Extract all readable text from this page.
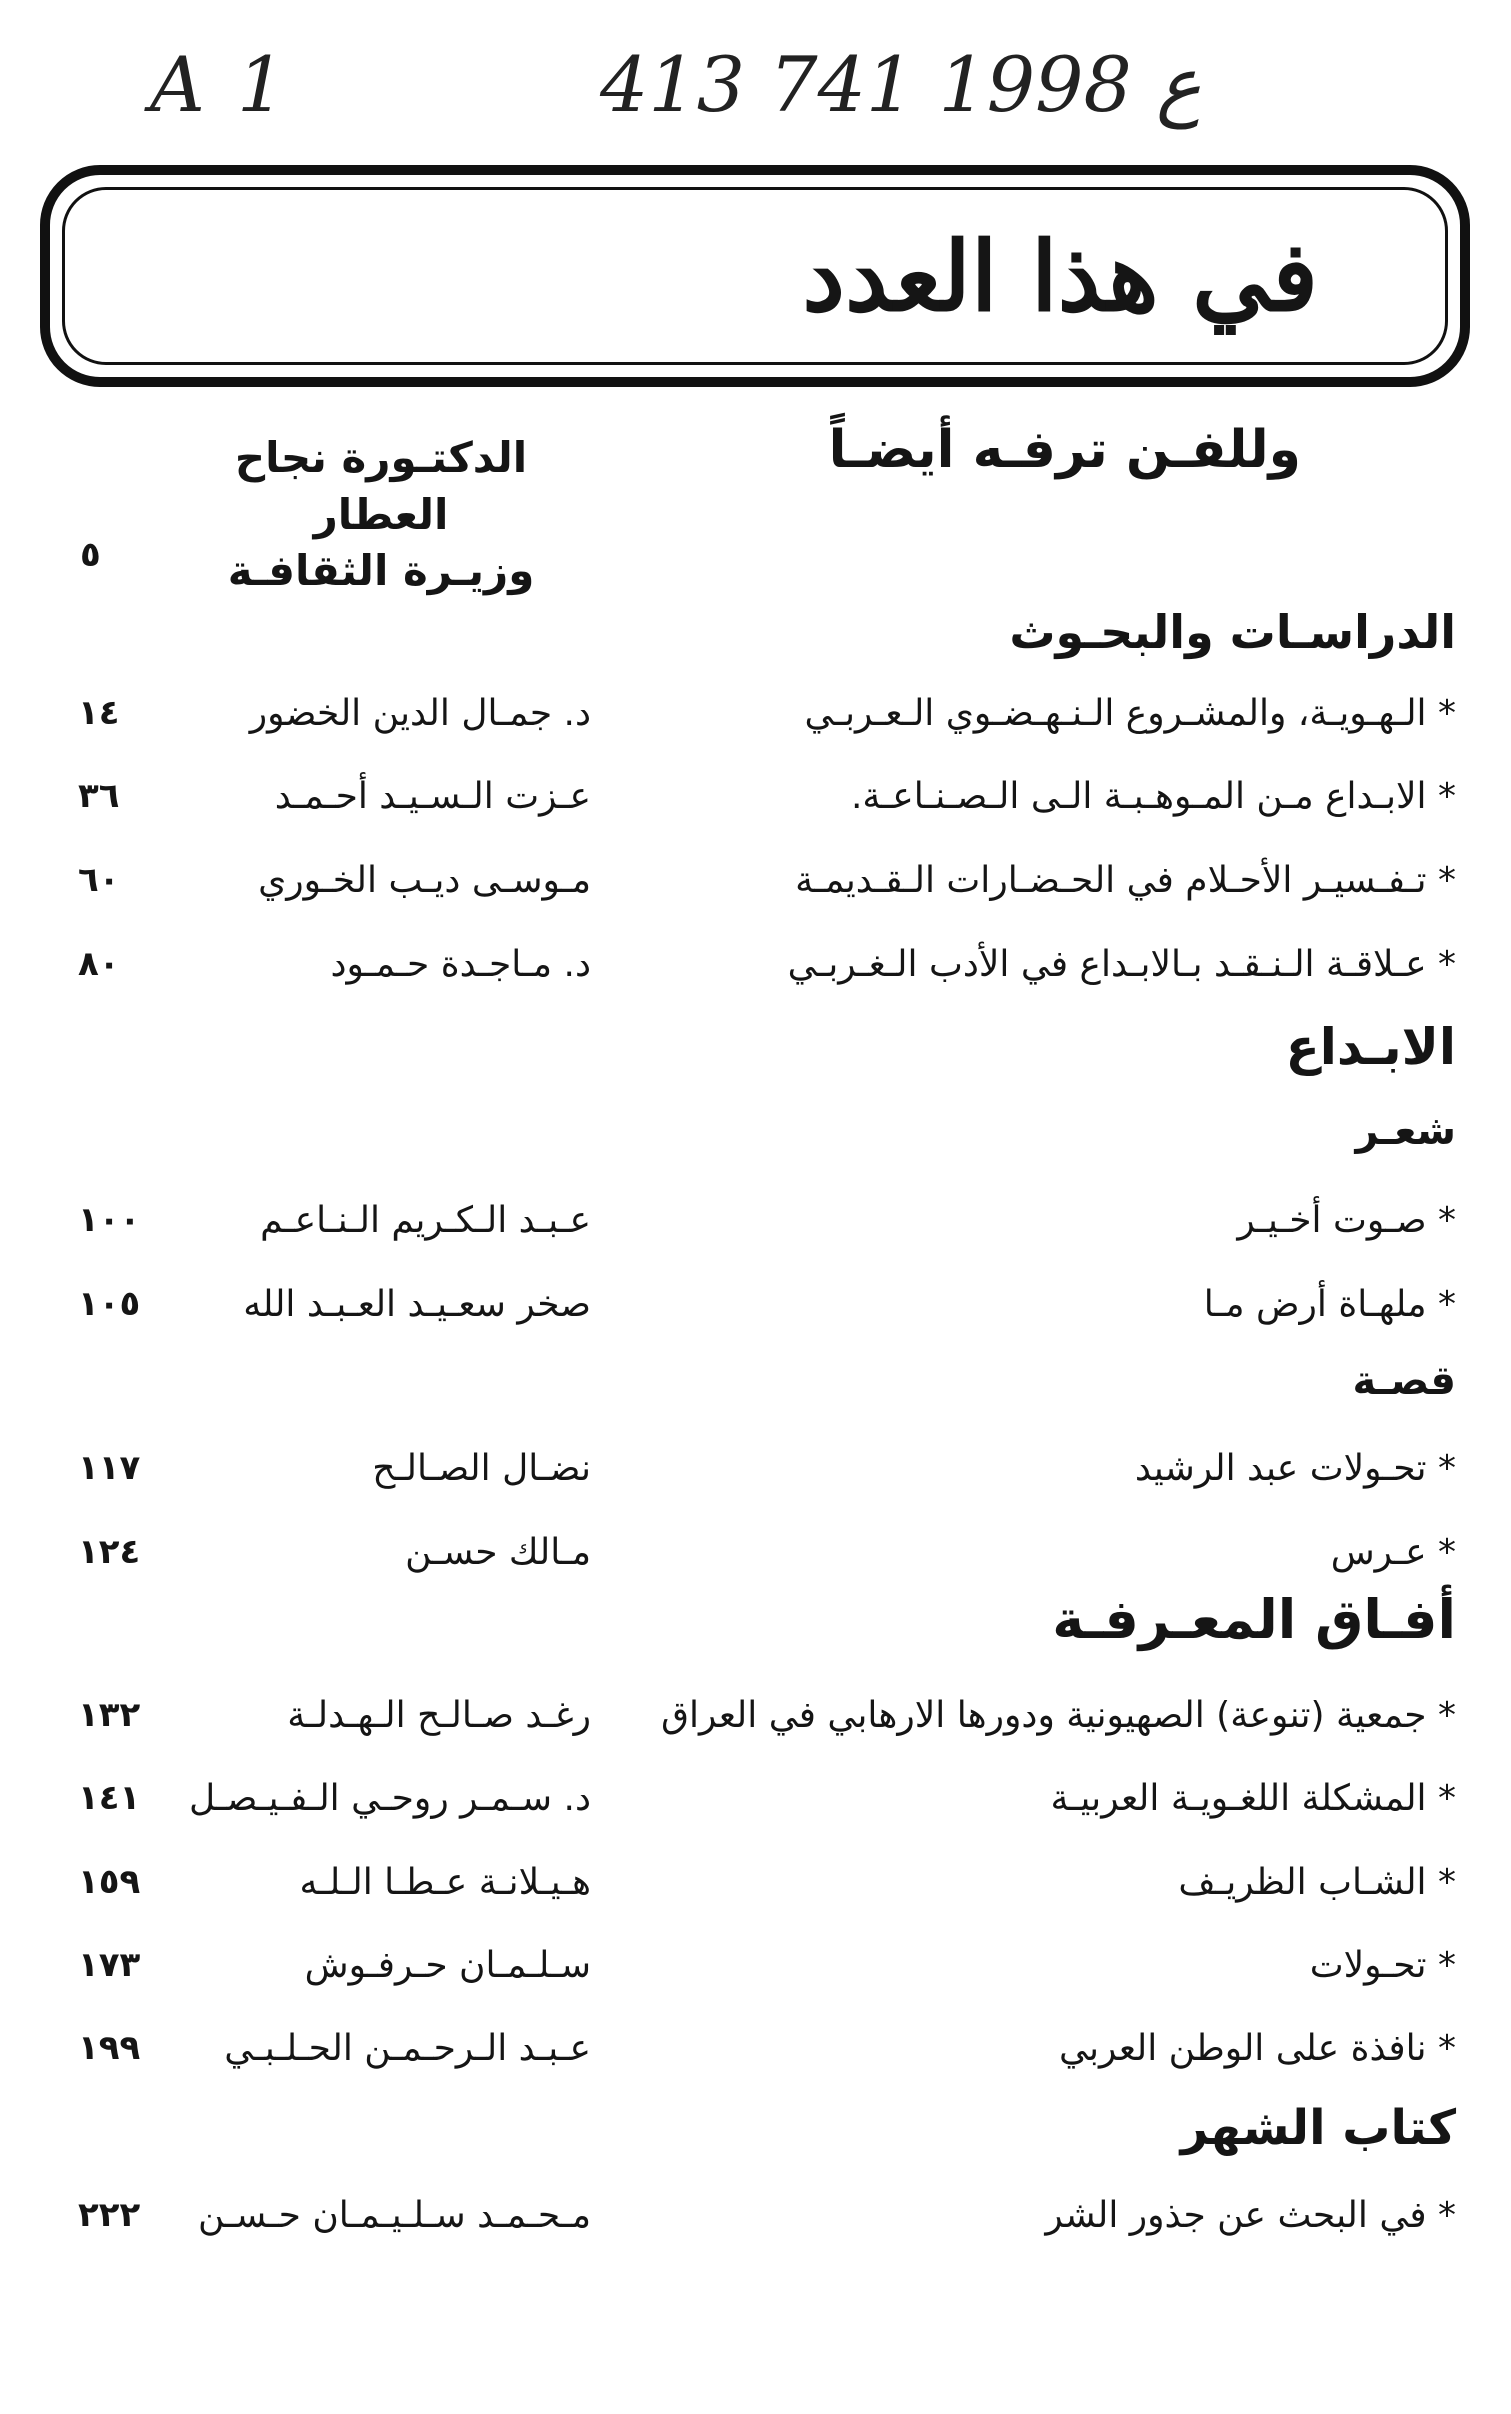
A 1	413 ع 1998 741
في هذا العدد
وللفـن ترفـه أيضـاً
الدكتـورة نجاح العطار
وزيـرة الثقافـة
٥
الدراسـات والبحـوث
* الـهـويـة، والمشـروع الـنـهـضـوي الـعـربـي
د. جمـال الدين الخضور
١٤
* الابـداع مـن المـوهـبـة الـى الـصـنـاعـة.
عـزت الـسـيـد أحـمـد
٣٦
* تـفـسيـر الأحـلام في الحـضـارات الـقـديمـة
مـوسـى ديـب الخـوري
٦٠
* عـلاقـة الـنـقـد بـالابـداع في الأدب الـغـربـي
د. مـاجـدة حـمـود
٨٠
الابـداع
شعـر
* صـوت أخـيـر
عـبـد الـكـريم الـنـاعـم
١٠٠
* ملهـاة أرض مـا
صخر سعـيـد العـبـد الله
١٠٥
قصـة
* تحـولات عبد الرشيد
نضـال الصـالـح
١١٧
* عـرس
مـالك حسـن
١٢٤
أفـاق المعـرفـة
* جمعية (تنوعة) الصهيونية ودورها الارهابي في العراق
رغـد صـالـح الـهـدلـة
١٣٢
* المشكلة اللغـويـة العربيـة
د. سـمـر روحـي الـفـيـصـل
١٤١
* الشـاب الظريـف
هـيـلانـة عـطـا الـلـه
١٥٩
* تحـولات
سـلـمـان حـرفـوش
١٧٣
* نافذة على الوطن العربي
عـبـد الـرحـمـن الحـلـبـي
١٩٩
كتاب الشهر
* في البحث عن جذور الشر
مـحـمـد سـلـيـمـان حـسـن
٢٢٢
